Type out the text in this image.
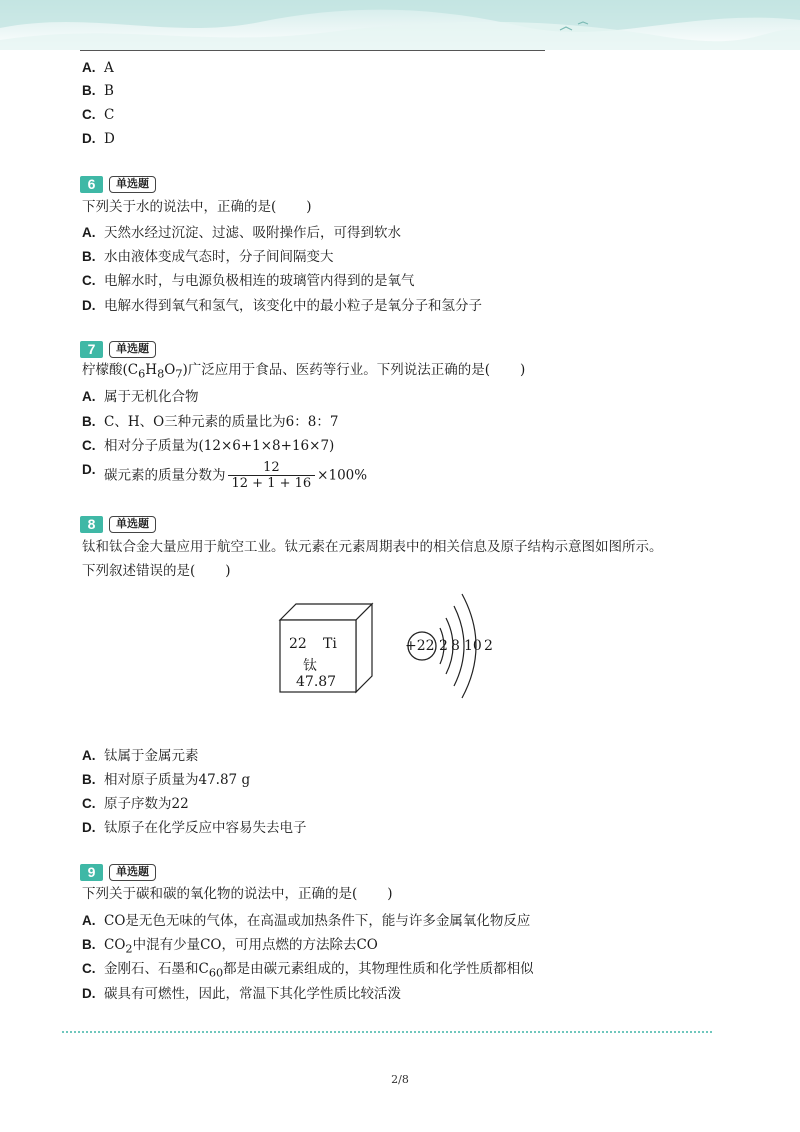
A. A
B. B
C. C
D. D
6	单选题
下列关于水的说法中，正确的是( )
A. 天然水经过沉淀、过滤、吸附操作后，可得到软水
B. 水由液体变成气态时，分子间间隔变大
C. 电解水时，与电源负极相连的玻璃管内得到的是氧气
D. 电解水得到氧气和氢气，该变化中的最小粒子是氧分子和氢分子
7	单选题
柠檬酸$(C_6H_8O_7)$广泛应用于食品、医药等行业。下列说法正确的是( )
A. 属于无机化合物
B. C、H、O三种元素的质量比为6：8：7
C. 相对分子质量为(12×6+1×8+16×7)
D. 碳元素的质量分数为 $\frac{12}{12 + 1 + 16} \times 100\%$
8	单选题
钛和钛合金大量应用于航空工业。钛元素在元素周期表中的相关信息及原子结构示意图如图所示。
下列叙述错误的是( )
22 Ti
钛
47.87
+22 2 8 10 2
A. 钛属于金属元素
B. 相对原子质量为47.87 g
C. 原子序数为22
D. 钛原子在化学反应中容易失去电子
9	单选题
下列关于碳和碳的氧化物的说法中，正确的是( )
A. CO是无色无味的气体，在高温或加热条件下，能与许多金属氧化物反应
B. $CO_2$中混有少量CO，可用点燃的方法除去CO
C. 金刚石、石墨和$C_{60}$都是由碳元素组成的，其物理性质和化学性质都相似
D. 碳具有可燃性，因此，常温下其化学性质比较活泼
2/8
